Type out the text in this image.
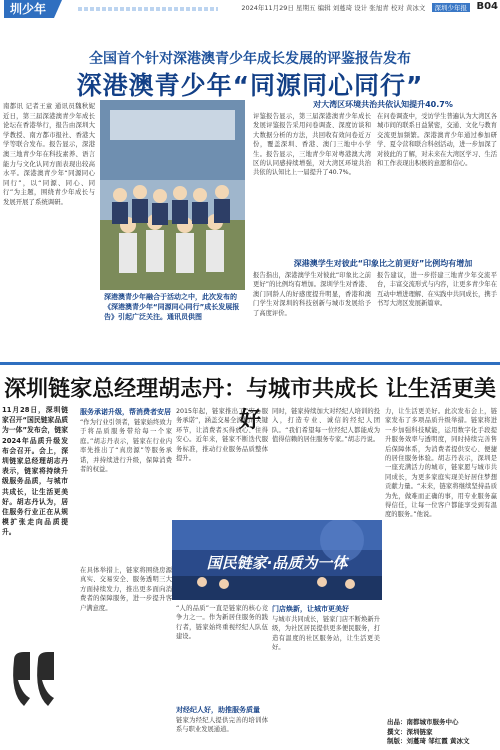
圳少年	2024年11月29日 星期五 编辑 刘蔓琦 设计 张旭青 校对 黄冰文 深圳少年报 B04
全国首个针对深港澳青少年成长发展的评鉴报告发布
深港澳青少年“同源同心同行”
南都讯 记者王童 通讯员魏秋妮 近日，第三届深港澳青少年成长论坛在香港举行，报告由深圳大学教授、南方都市报社、香港大学等联合发布。报告显示，深港澳三地青少年在科技素养、语言能力与文化认同方面表现出较高水平。深港澳青少年“同源同心同行”，以“同源、同心、同行”为主题，围绕青少年成长与发展开展了系统调研。
深港澳青少年融合于活动之中，此次发布的《深港澳青少年“同源同心同行”成长发展报告》引起广泛关注。通讯员供图
对大湾区环境共治共依认知提升40.7%
评鉴报告显示，第三届深港澳青少年成长发展评鉴报告采用问卷调查、深度访谈和大数据分析的方法，共回收有效问卷近万份，覆盖深圳、香港、澳门三地中小学生。报告显示，三地青少年对粤港澳大湾区的认同感持续增强，对大湾区环境共治共依的认知比上一届提升了40.7%。
在问卷调查中，受访学生普遍认为大湾区各城市间的联系日益紧密，交通、文化与教育交流更加频繁。深港澳青少年通过参加研学、夏令营和联合科创活动，进一步加深了对彼此的了解，对未来在大湾区学习、生活和工作表现出积极的意愿和信心。
深港澳学生对彼此“印象比之前更好”比例均有增加
报告指出，深港澳学生对彼此“印象比之前更好”的比例均有增加。深圳学生对香港、澳门同龄人的好感度提升明显，香港和澳门学生对深圳的科技创新与城市发展给予了高度评价。
报告建议，进一步搭建三地青少年交流平台，丰富交流形式与内容，让更多青少年在互动中增进理解、在实践中共同成长，携手书写大湾区发展新篇章。
深圳链家总经理胡志丹：与城市共成长 让生活更美好
11月28日，深圳链家召开“国民链家品质为一体”发布会，链家2024年品质升级发布会召开。会上，深圳链家总经理胡志丹表示，链家将持续升级服务品质，与城市共成长，让生活更美好。胡志丹认为，居住服务行业正在从规模扩张走向品质提升。
服务承诺升级，帮消费者安居
“作为行业引领者，链家始终致力于将品质服务带给每一个家庭。”胡志丹表示，链家在行业内率先推出了“真房源”等服务承诺，并持续进行升级，保障消费者的权益。
2015年起，链家推出了“安心服务承诺”，涵盖交易全流程的关键环节，让消费者买得放心、住得安心。近年来，链家不断迭代服务标准，推动行业服务品质整体提升。
同时，链家持续加大对经纪人培训的投入，打造专业、诚信的经纪人团队。“我们希望每一位经纪人都能成为值得信赖的居住服务专家。”胡志丹说。
力，让生活更美好。此次发布会上，链家发布了多项品质升级举措。链家将进一步加强科技赋能，运用数字化手段提升服务效率与透明度，同时持续完善售后保障体系，为消费者提供安心、便捷的居住服务体验。胡志丹表示，深圳是一座充满活力的城市，链家愿与城市共同成长，为更多家庭实现美好居住梦想贡献力量。“未来，链家将继续坚持品质为先，做难而正确的事，用专业服务赢得信任，让每一位客户都能享受到有温度的服务。”他说。
国民链家·品质为一体
在具体举措上，链家将围绕房源真实、交易安全、服务透明三大方面持续发力，推出更多面向消费者的保障服务，进一步提升客户满意度。	“人的品质”一直是链家的核心竞争力之一。作为新居住服务的践行者，链家始终重视经纪人队伍建设。
对经纪人好，助推服务质量
链家为经纪人提供完善的培训体系与职业发展通道。
门店焕新，让城市更美好
与城市共同成长，链家门店不断焕新升级，为社区居民提供更多便民服务，打造有温度的社区服务站，让生活更美好。
出品：南都城市服务中心
撰文：深圳链家
制版：刘蔓琦 邹红霞 黄冰文
